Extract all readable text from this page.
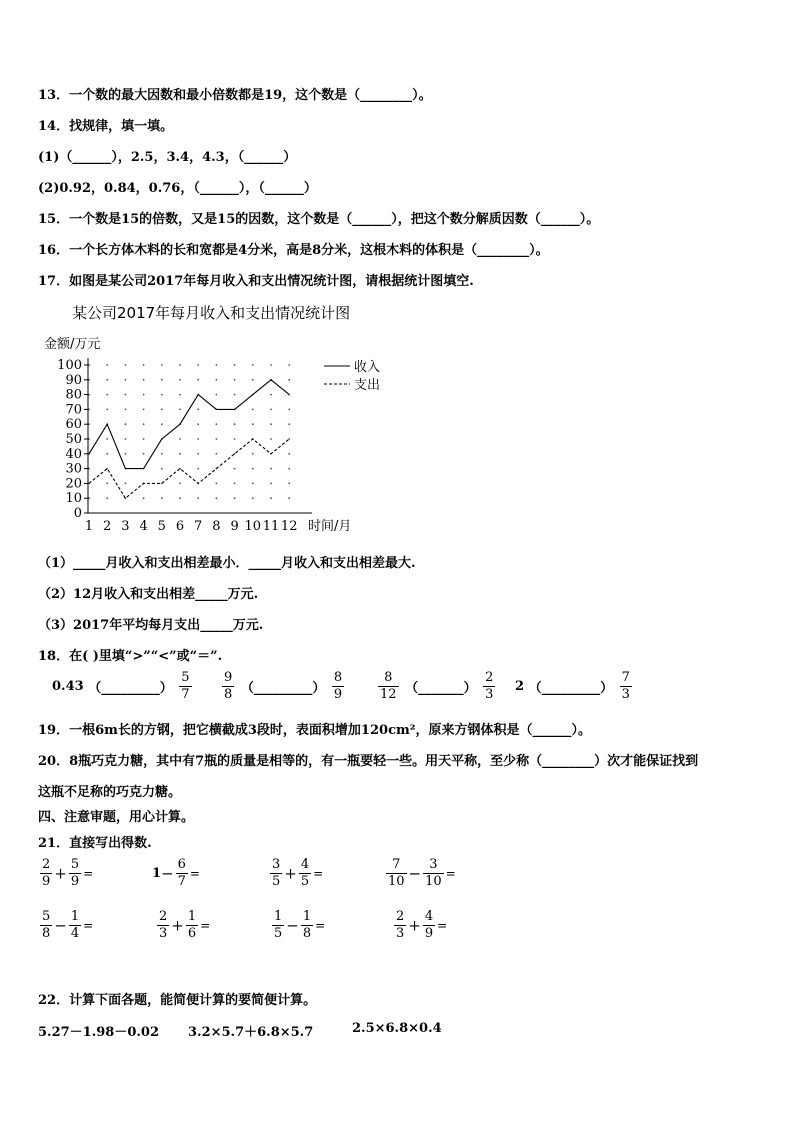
13．一个数的最大因数和最小倍数都是19，这个数是（________）。
14．找规律，填一填。
(1)（______），2.5，3.4，4.3，（______）
(2)0.92，0.84，0.76，（______），（______）
15．一个数是15的倍数，又是15的因数，这个数是（______），把这个数分解质因数（______）。
16．一个长方体木料的长和宽都是4分米，高是8分米，这根木料的体积是（________）。
17．如图是某公司2017年每月收入和支出情况统计图，请根据统计图填空.
某公司2017年每月收入和支出情况统计图
0
10
20
30
40
50
60
70
80
90
100
1 2 3 4 5 6 7 8 9 10 11 12
金额/万元
时间/月
收入
支出
（1）_____月收入和支出相差最小．_____月收入和支出相差最大.
（2）12月收入和支出相差_____万元.
（3）2017年平均每月支出_____万元.
18．在( )里填“>”“<”或“＝”.
0.43 （_________） $\frac{5}{7} \frac{9}{8}$ （_________） $\frac{8}{9}$	$\frac{8}{12}$ （_______） $\frac{2}{3} 2$ （_________） $\frac{7}{3}$
19．一根6m长的方钢，把它横截成3段时，表面积增加120cm²，原来方钢体积是（______）。
20．8瓶巧克力糖，其中有7瓶的质量是相等的，有一瓶要轻一些。用天平称，至少称（________）次才能保证找到
这瓶不足称的巧克力糖。
四、注意审题，用心计算。
21．直接写出得数.
$\frac{2}{9} + \frac{5}{9}$ =	$1- \frac{6}{7}$ =	$\frac{3}{5} + \frac{4}{5}$ =	$\frac{7}{10} - \frac{3}{10}$ =
$\frac{5}{8} - \frac{1}{4}$ =	$\frac{2}{3} + \frac{1}{6}$ =	$\frac{1}{5} - \frac{1}{8}$ =	$\frac{2}{3} + \frac{4}{9}$ =
22．计算下面各题，能简便计算的要简便计算。
5.27－1.98－0.02 3.2×5.7＋6.8×5.7	2.5×6.8×0.4
